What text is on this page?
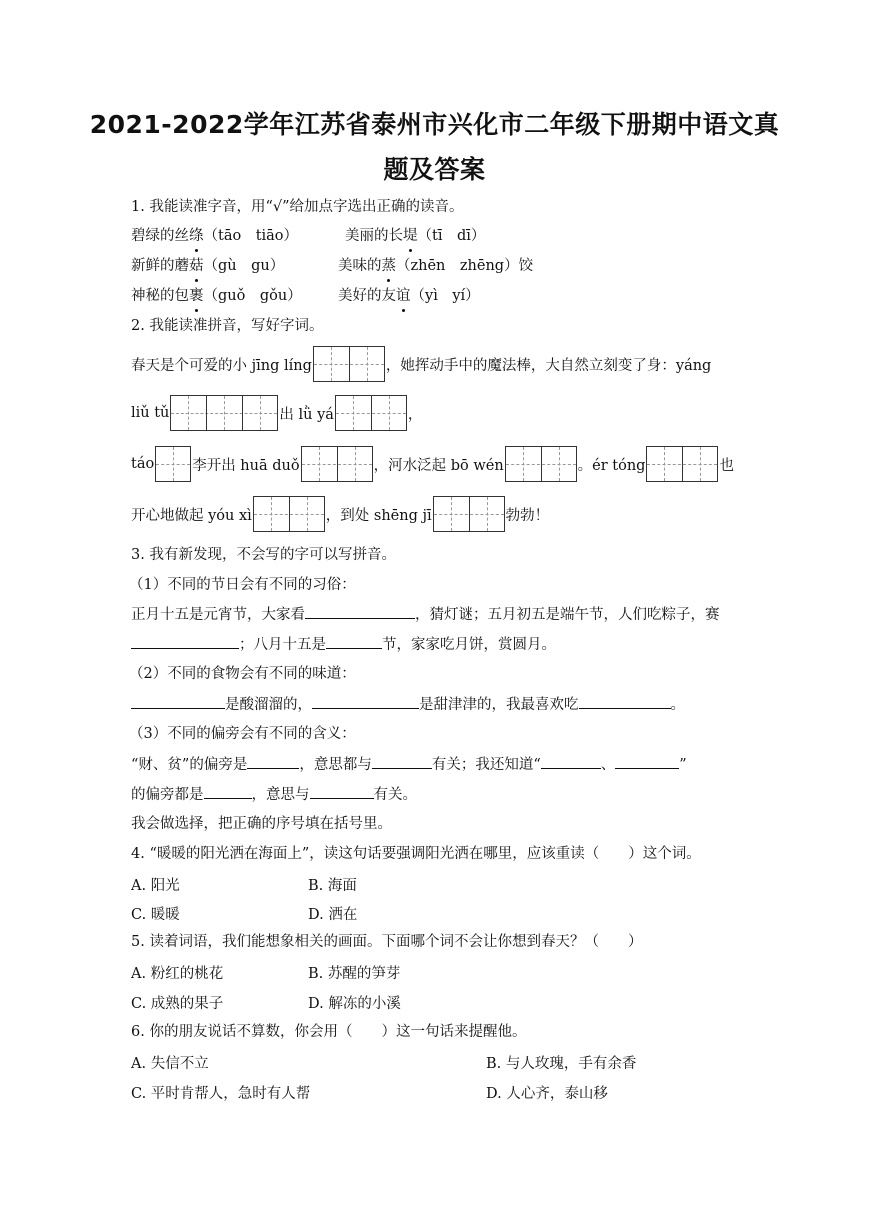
2021-2022学年江苏省泰州市兴化市二年级下册期中语文真
题及答案
1. 我能读准字音，用“√”给加点字选出正确的读音。
碧绿的丝绦（tāo　tiāo）	美丽的长堤（tī　dī）
新鲜的蘑菇（gù　gu）	美味的蒸（zhēn　zhēng）饺
神秘的包裹（guǒ　gǒu）	美好的友谊（yì　yí）
2. 我能读准拼音，写好字词。
春天是个可爱的小 jīng líng	，她挥动手中的魔法棒，大自然立刻变了身：yáng
liǔ tǔ	出 lǜ yá	，
táo	李开出 huā duǒ	，河水泛起 bō wén	。ér tóng	也
开心地做起 yóu xì	，到处 shēng jī	勃勃！
3. 我有新发现，不会写的字可以写拼音。
（1）不同的节日会有不同的习俗：
正月十五是元宵节，大家看	，猜灯谜；五月初五是端午节，人们吃粽子，赛
；八月十五是	节，家家吃月饼，赏圆月。
（2）不同的食物会有不同的味道：
是酸溜溜的，	是甜津津的，我最喜欢吃	。
（3）不同的偏旁会有不同的含义：
“财、贫”的偏旁是	，意思都与	有关；我还知道“	、	”
的偏旁都是	，意思与	有关。
我会做选择，把正确的序号填在括号里。
4. “暖暖的阳光洒在海面上”，读这句话要强调阳光洒在哪里，应该重读（　　）这个词。
A. 阳光	B. 海面
C. 暖暖	D. 洒在
5. 读着词语，我们能想象相关的画面。下面哪个词不会让你想到春天？（　　）
A. 粉红的桃花	B. 苏醒的笋芽
C. 成熟的果子	D. 解冻的小溪
6. 你的朋友说话不算数，你会用（　　）这一句话来提醒他。
A. 失信不立	B. 与人玫瑰，手有余香
C. 平时肯帮人，急时有人帮	D. 人心齐，泰山移
